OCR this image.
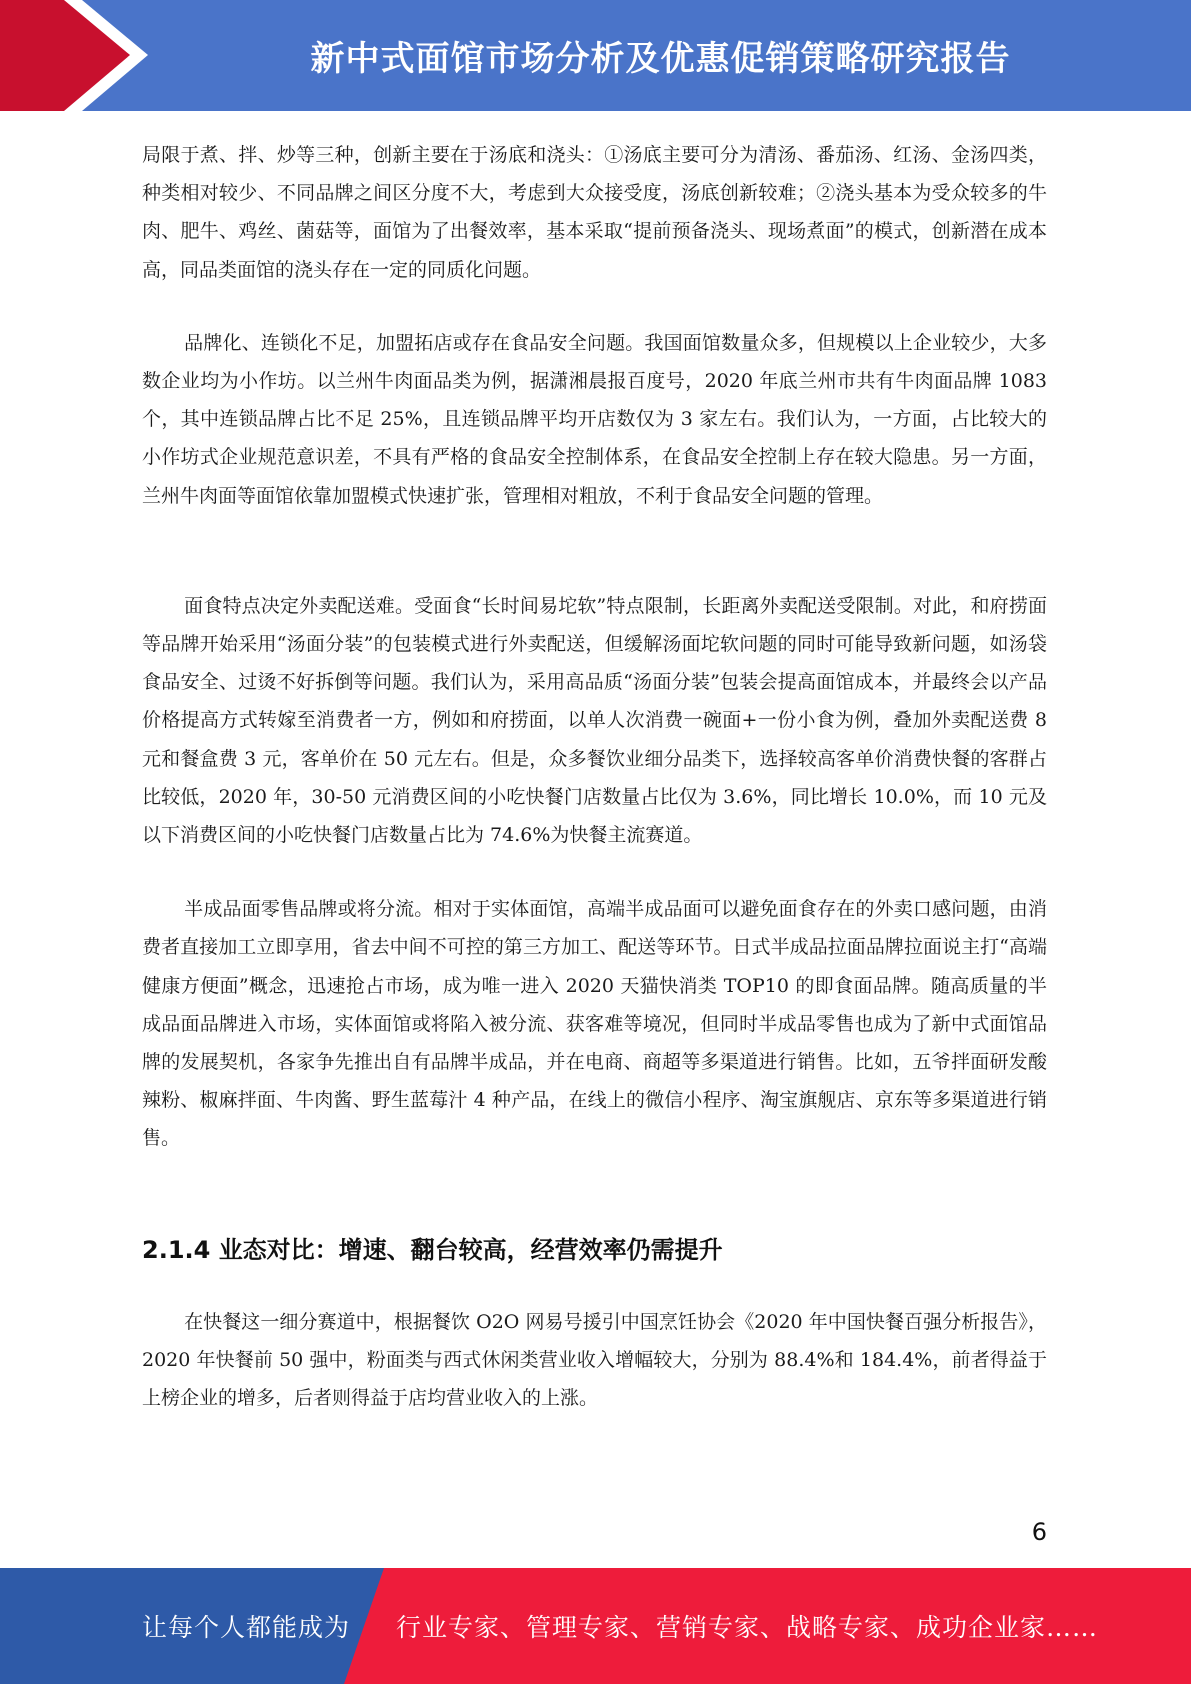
新中式面馆市场分析及优惠促销策略研究报告

局限于煮、拌、炒等三种，创新主要在于汤底和浇头：①汤底主要可分为清汤、番茄汤、红汤、金汤四类，种类相对较少、不同品牌之间区分度不大，考虑到大众接受度，汤底创新较难；②浇头基本为受众较多的牛肉、肥牛、鸡丝、菌菇等，面馆为了出餐效率，基本采取“提前预备浇头、现场煮面”的模式，创新潜在成本高，同品类面馆的浇头存在一定的同质化问题。

品牌化、连锁化不足，加盟拓店或存在食品安全问题。我国面馆数量众多，但规模以上企业较少，大多数企业均为小作坊。以兰州牛肉面品类为例，据潇湘晨报百度号，2020 年底兰州市共有牛肉面品牌 1083 个，其中连锁品牌占比不足 25%，且连锁品牌平均开店数仅为 3 家左右。我们认为，一方面，占比较大的小作坊式企业规范意识差，不具有严格的食品安全控制体系，在食品安全控制上存在较大隐患。另一方面，兰州牛肉面等面馆依靠加盟模式快速扩张，管理相对粗放，不利于食品安全问题的管理。

面食特点决定外卖配送难。受面食“长时间易坨软”特点限制，长距离外卖配送受限制。对此，和府捞面等品牌开始采用“汤面分装”的包装模式进行外卖配送，但缓解汤面坨软问题的同时可能导致新问题，如汤袋食品安全、过烫不好拆倒等问题。我们认为，采用高品质“汤面分装”包装会提高面馆成本，并最终会以产品价格提高方式转嫁至消费者一方，例如和府捞面，以单人次消费一碗面+一份小食为例，叠加外卖配送费 8 元和餐盒费 3 元，客单价在 50 元左右。但是，众多餐饮业细分品类下，选择较高客单价消费快餐的客群占比较低，2020 年，30-50 元消费区间的小吃快餐门店数量占比仅为 3.6%，同比增长 10.0%，而 10 元及以下消费区间的小吃快餐门店数量占比为 74.6%为快餐主流赛道。

半成品面零售品牌或将分流。相对于实体面馆，高端半成品面可以避免面食存在的外卖口感问题，由消费者直接加工立即享用，省去中间不可控的第三方加工、配送等环节。日式半成品拉面品牌拉面说主打“高端健康方便面”概念，迅速抢占市场，成为唯一进入 2020 天猫快消类 TOP10 的即食面品牌。随高质量的半成品面品牌进入市场，实体面馆或将陷入被分流、获客难等境况，但同时半成品零售也成为了新中式面馆品牌的发展契机，各家争先推出自有品牌半成品，并在电商、商超等多渠道进行销售。比如，五爷拌面研发酸辣粉、椒麻拌面、牛肉酱、野生蓝莓汁 4 种产品，在线上的微信小程序、淘宝旗舰店、京东等多渠道进行销售。

2.1.4 业态对比：增速、翻台较高，经营效率仍需提升

在快餐这一细分赛道中，根据餐饮 O2O 网易号援引中国烹饪协会《2020 年中国快餐百强分析报告》，2020 年快餐前 50 强中，粉面类与西式休闲类营业收入增幅较大，分别为 88.4%和 184.4%，前者得益于上榜企业的增多，后者则得益于店均营业收入的上涨。

6
让每个人都能成为 行业专家、管理专家、营销专家、战略专家、成功企业家……
